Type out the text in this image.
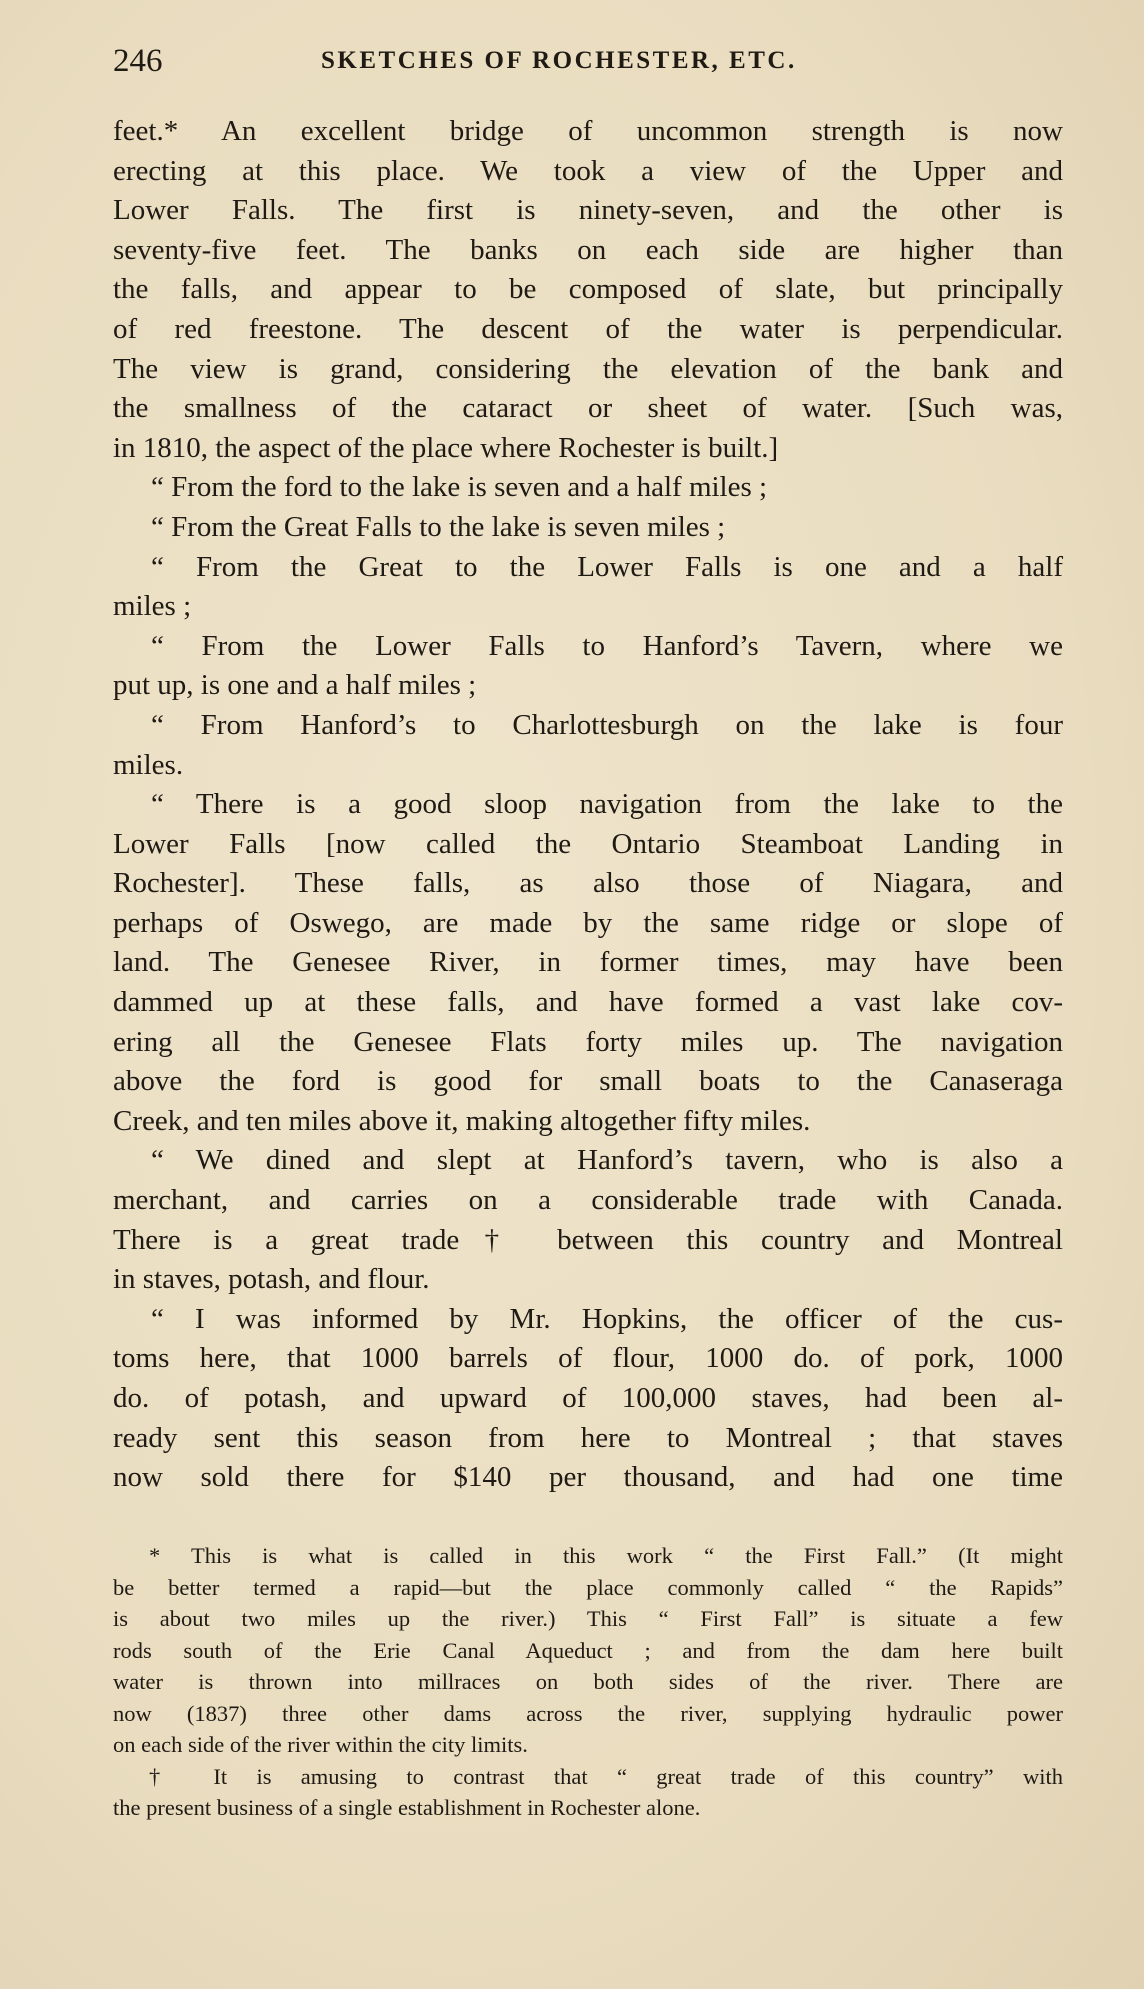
246	SKETCHES OF ROCHESTER, ETC.
feet.* An excellent bridge of uncommon strength is now
erecting at this place. We took a view of the Upper and
Lower Falls. The first is ninety-seven, and the other is
seventy-five feet. The banks on each side are higher than
the falls, and appear to be composed of slate, but principally
of red freestone. The descent of the water is perpendicular.
The view is grand, considering the elevation of the bank and
the smallness of the cataract or sheet of water. [Such was,
in 1810, the aspect of the place where Rochester is built.]
“ From the ford to the lake is seven and a half miles ;
“ From the Great Falls to the lake is seven miles ;
“ From the Great to the Lower Falls is one and a half
miles ;
“ From the Lower Falls to Hanford’s Tavern, where we
put up, is one and a half miles ;
“ From Hanford’s to Charlottesburgh on the lake is four
miles.
“ There is a good sloop navigation from the lake to the
Lower Falls [now called the Ontario Steamboat Landing in
Rochester]. These falls, as also those of Niagara, and
perhaps of Oswego, are made by the same ridge or slope of
land. The Genesee River, in former times, may have been
dammed up at these falls, and have formed a vast lake cov-
ering all the Genesee Flats forty miles up. The navigation
above the ford is good for small boats to the Canaseraga
Creek, and ten miles above it, making altogether fifty miles.
“ We dined and slept at Hanford’s tavern, who is also a
merchant, and carries on a considerable trade with Canada.
There is a great trade† between this country and Montreal
in staves, potash, and flour.
“ I was informed by Mr. Hopkins, the officer of the cus-
toms here, that 1000 barrels of flour, 1000 do. of pork, 1000
do. of potash, and upward of 100,000 staves, had been al-
ready sent this season from here to Montreal ; that staves
now sold there for $140 per thousand, and had one time
* This is what is called in this work “ the First Fall.” (It might
be better termed a rapid—but the place commonly called “ the Rapids”
is about two miles up the river.) This “ First Fall” is situate a few
rods south of the Erie Canal Aqueduct ; and from the dam here built
water is thrown into millraces on both sides of the river. There are
now (1837) three other dams across the river, supplying hydraulic power
on each side of the river within the city limits.
† It is amusing to contrast that “ great trade of this country” with
the present business of a single establishment in Rochester alone.
